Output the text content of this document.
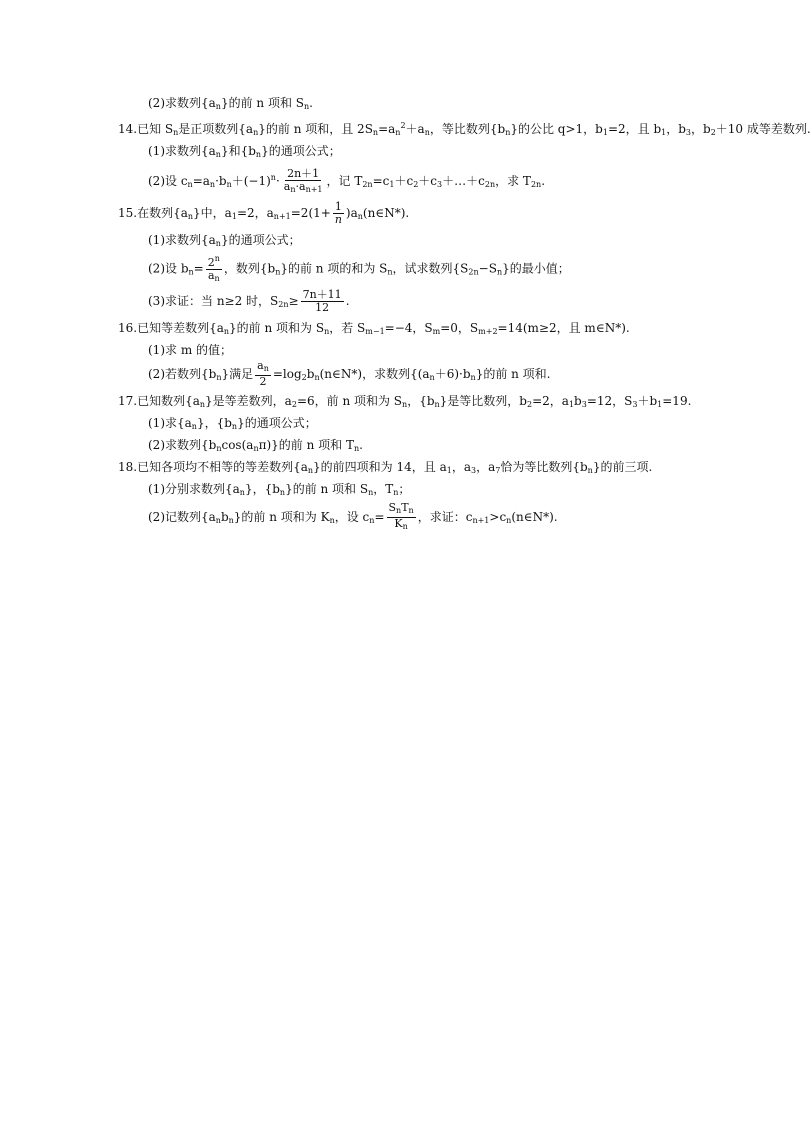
(2)求数列$\{a_n\}$的前 n 项和 $S_n$.
14.已知 $S_n$是正项数列$\{a_n\}$的前 n 项和，且 $2S_n=a_n^2+a_n$，等比数列$\{b_n\}$的公比 q>1，$b_1=2$，且 $b_1$，$b_3$，$b_2+10$ 成等差数列.
(1)求数列$\{a_n\}$和$\{b_n\}$的通项公式；
(2)设 $c_n=a_n\cdot b_n+(-1)^n\cdot \frac{2n+1}{a_n\cdot a_{n+1}}$ ，记 $T_{2n}=c_1+c_2+c_3+\dots+c_{2n}$，求 $T_{2n}$.
15.在数列$\{a_n\}$中，$a_1=2$，$a_{n+1}=2(1+ \frac{1}{n}$ )$a_n(n\in N*)$.
(1)求数列$\{a_n\}$的通项公式；
(2)设 $b_n= \frac{2^n}{a_n}$ ，数列$\{b_n\}$的前 n 项的和为 $S_n$，试求数列$\{S_{2n}-S_n\}$的最小值；
(3)求证：当 n≥2 时，$S_{2n}\ge \frac{7n+11}{12}$ .
16.已知等差数列$\{a_n\}$的前 n 项和为 $S_n$，若 $S_{m-1}=-4$，$S_m=0$，$S_{m+2}=14(m\ge 2$，且 m∈N*).
(1)求 m 的值；
(2)若数列$\{b_n\}$满足 $\frac{a_n}{2}$ $=\log_2b_n(n\in N*)$，求数列$\{(a_n+6)\cdot b_n\}$的前 n 项和.
17.已知数列$\{a_n\}$是等差数列，$a_2=6$，前 n 项和为 $S_n$，$\{b_n\}$是等比数列，$b_2=2$，$a_1b_3=12$，$S_3+b_1=19$.
(1)求$\{a_n\}$，$\{b_n\}$的通项公式；
(2)求数列$\{b_n\cos(a_n\pi)\}$的前 n 项和 $T_n$.
18.已知各项均不相等的等差数列$\{a_n\}$的前四项和为 14，且 $a_1$，$a_3$，$a_7$恰为等比数列$\{b_n\}$的前三项.
(1)分别求数列$\{a_n\}$，$\{b_n\}$的前 n 项和 $S_n$，$T_n$；
(2)记数列$\{a_nb_n\}$的前 n 项和为 $K_n$，设 $c_n= \frac{S_nT_n}{K_n}$ ，求证：$c_{n+1}>c_n(n\in N*)$.
